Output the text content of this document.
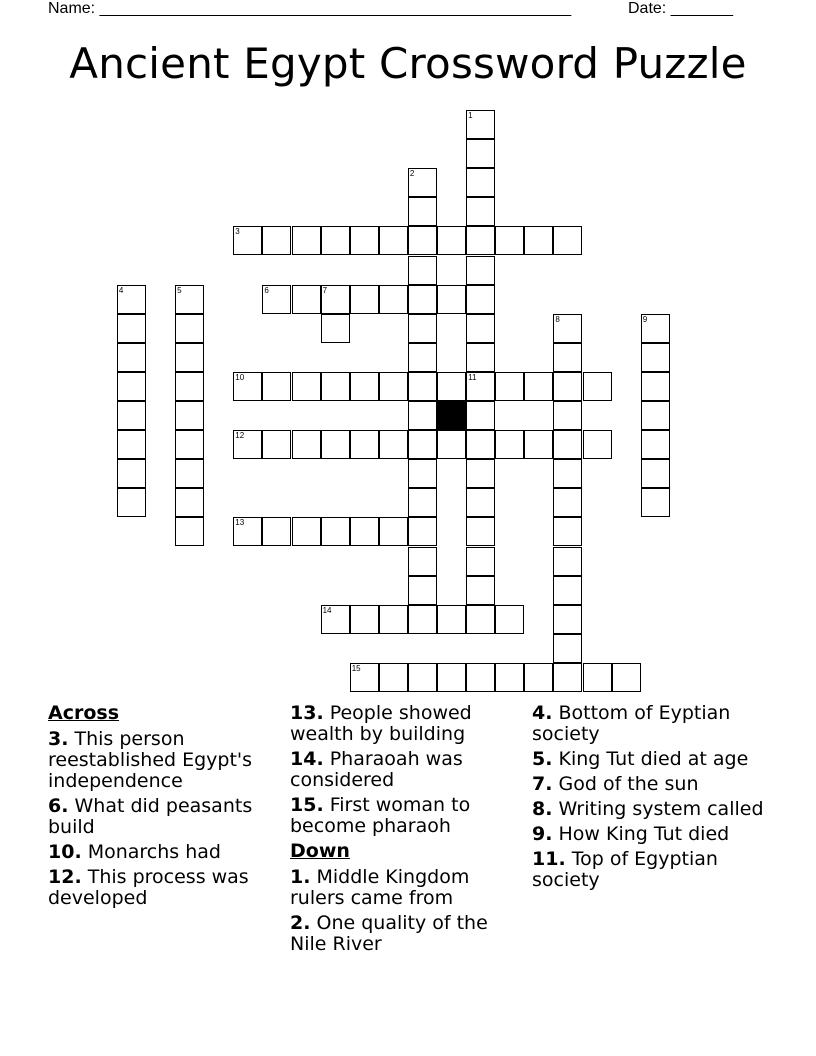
Name: _____________________________________________________	Date: _______
Ancient Egypt Crossword Puzzle
3
6	7
10	11
12
13
14
15
1
2
4	5
8	9
Across
3. This person reestablished Egypt's independence
6. What did peasants build
10. Monarchs had
12. This process was developed
13. People showed wealth by building
14. Pharaoah was considered
15. First woman to become pharaoh
Down
1. Middle Kingdom rulers came from
2. One quality of the Nile River
4. Bottom of Eyptian society
5. King Tut died at age
7. God of the sun
8. Writing system called
9. How King Tut died
11. Top of Egyptian society
